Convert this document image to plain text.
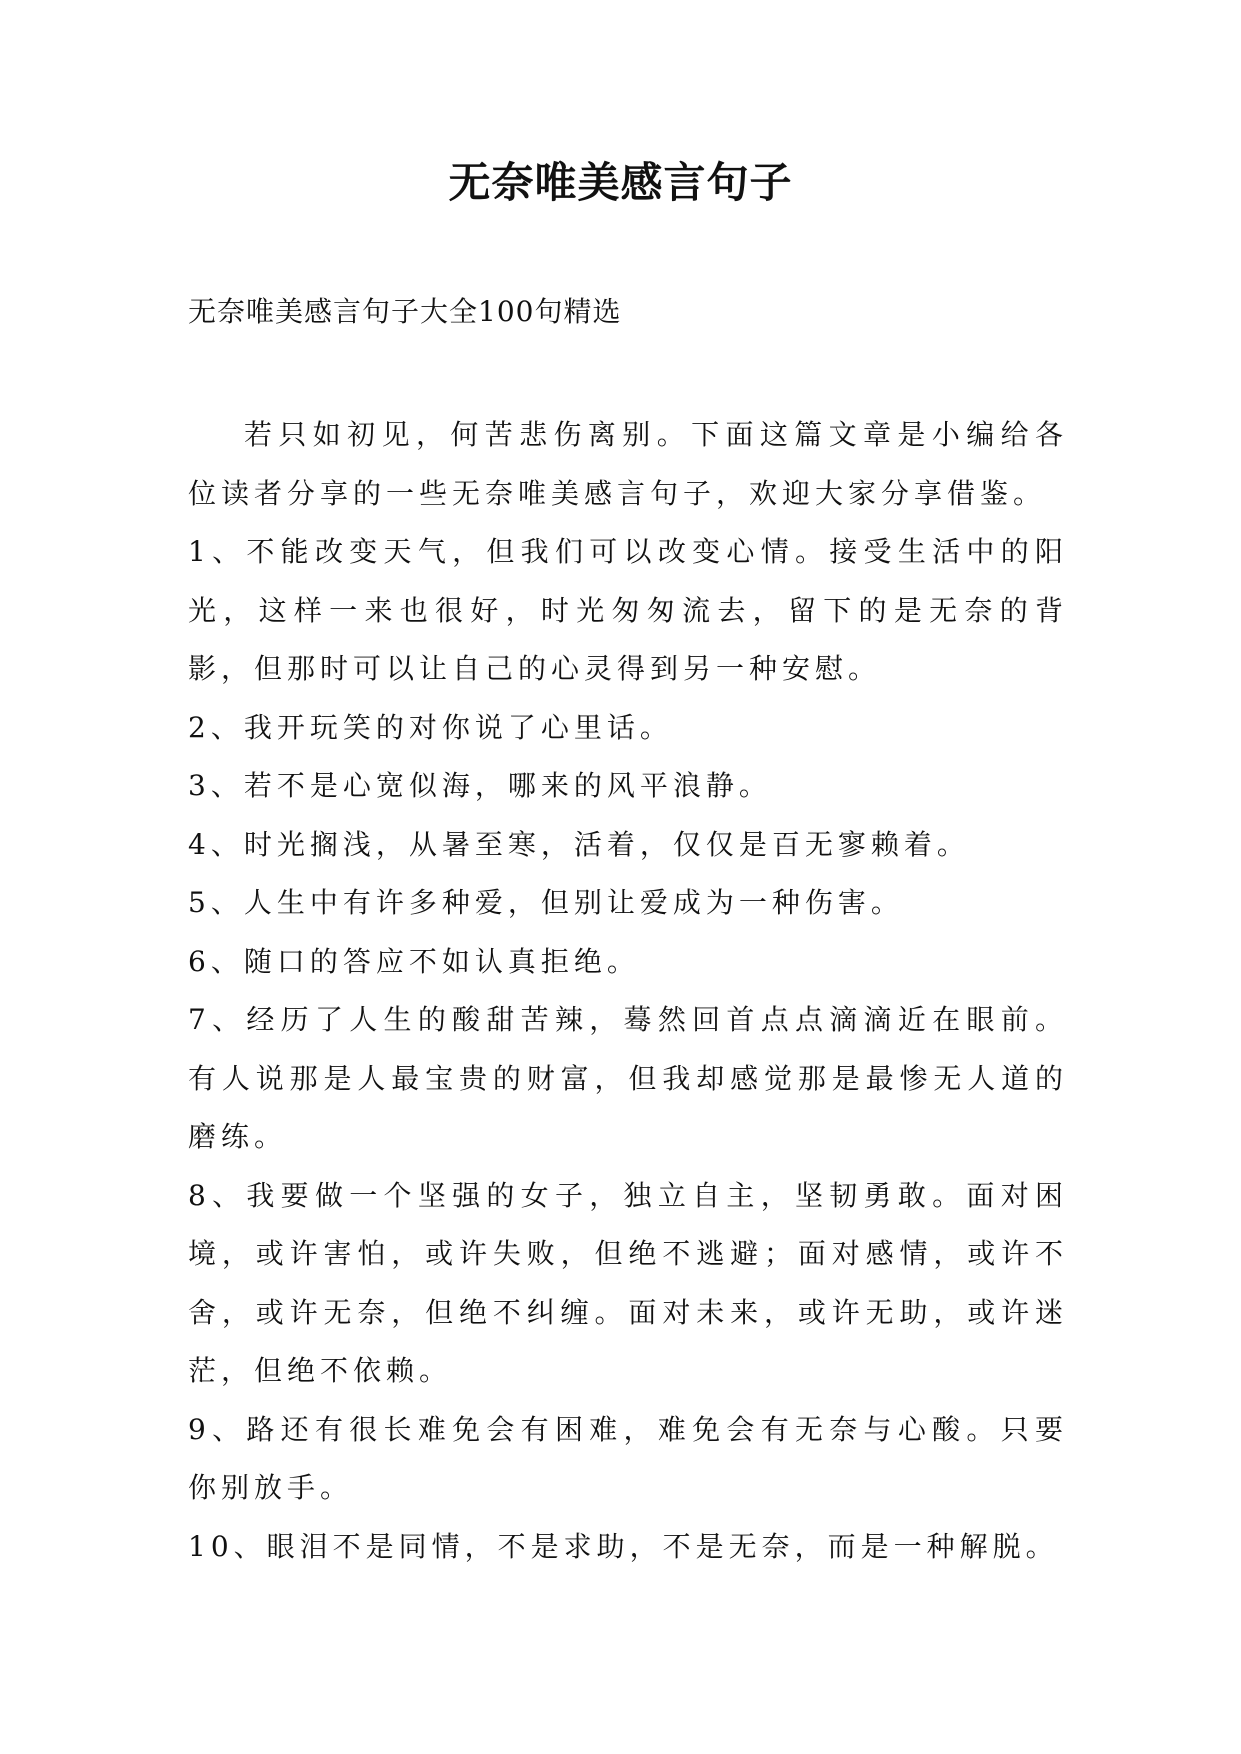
无奈唯美感言句子

无奈唯美感言句子大全100句精选

若只如初见，何苦悲伤离别。下面这篇文章是小编给各位读者分享的一些无奈唯美感言句子，欢迎大家分享借鉴。

1、不能改变天气，但我们可以改变心情。接受生活中的阳光，这样一来也很好，时光匆匆流去，留下的是无奈的背影，但那时可以让自己的心灵得到另一种安慰。

2、我开玩笑的对你说了心里话。

3、若不是心宽似海，哪来的风平浪静。

4、时光搁浅，从暑至寒，活着，仅仅是百无寥赖着。

5、人生中有许多种爱，但别让爱成为一种伤害。

6、随口的答应不如认真拒绝。

7、经历了人生的酸甜苦辣，蓦然回首点点滴滴近在眼前。有人说那是人最宝贵的财富，但我却感觉那是最惨无人道的磨练。

8、我要做一个坚强的女子，独立自主，坚韧勇敢。面对困境，或许害怕，或许失败，但绝不逃避；面对感情，或许不舍，或许无奈，但绝不纠缠。面对未来，或许无助，或许迷茫，但绝不依赖。

9、路还有很长难免会有困难，难免会有无奈与心酸。只要你别放手。

10、眼泪不是同情，不是求助，不是无奈，而是一种解脱。
